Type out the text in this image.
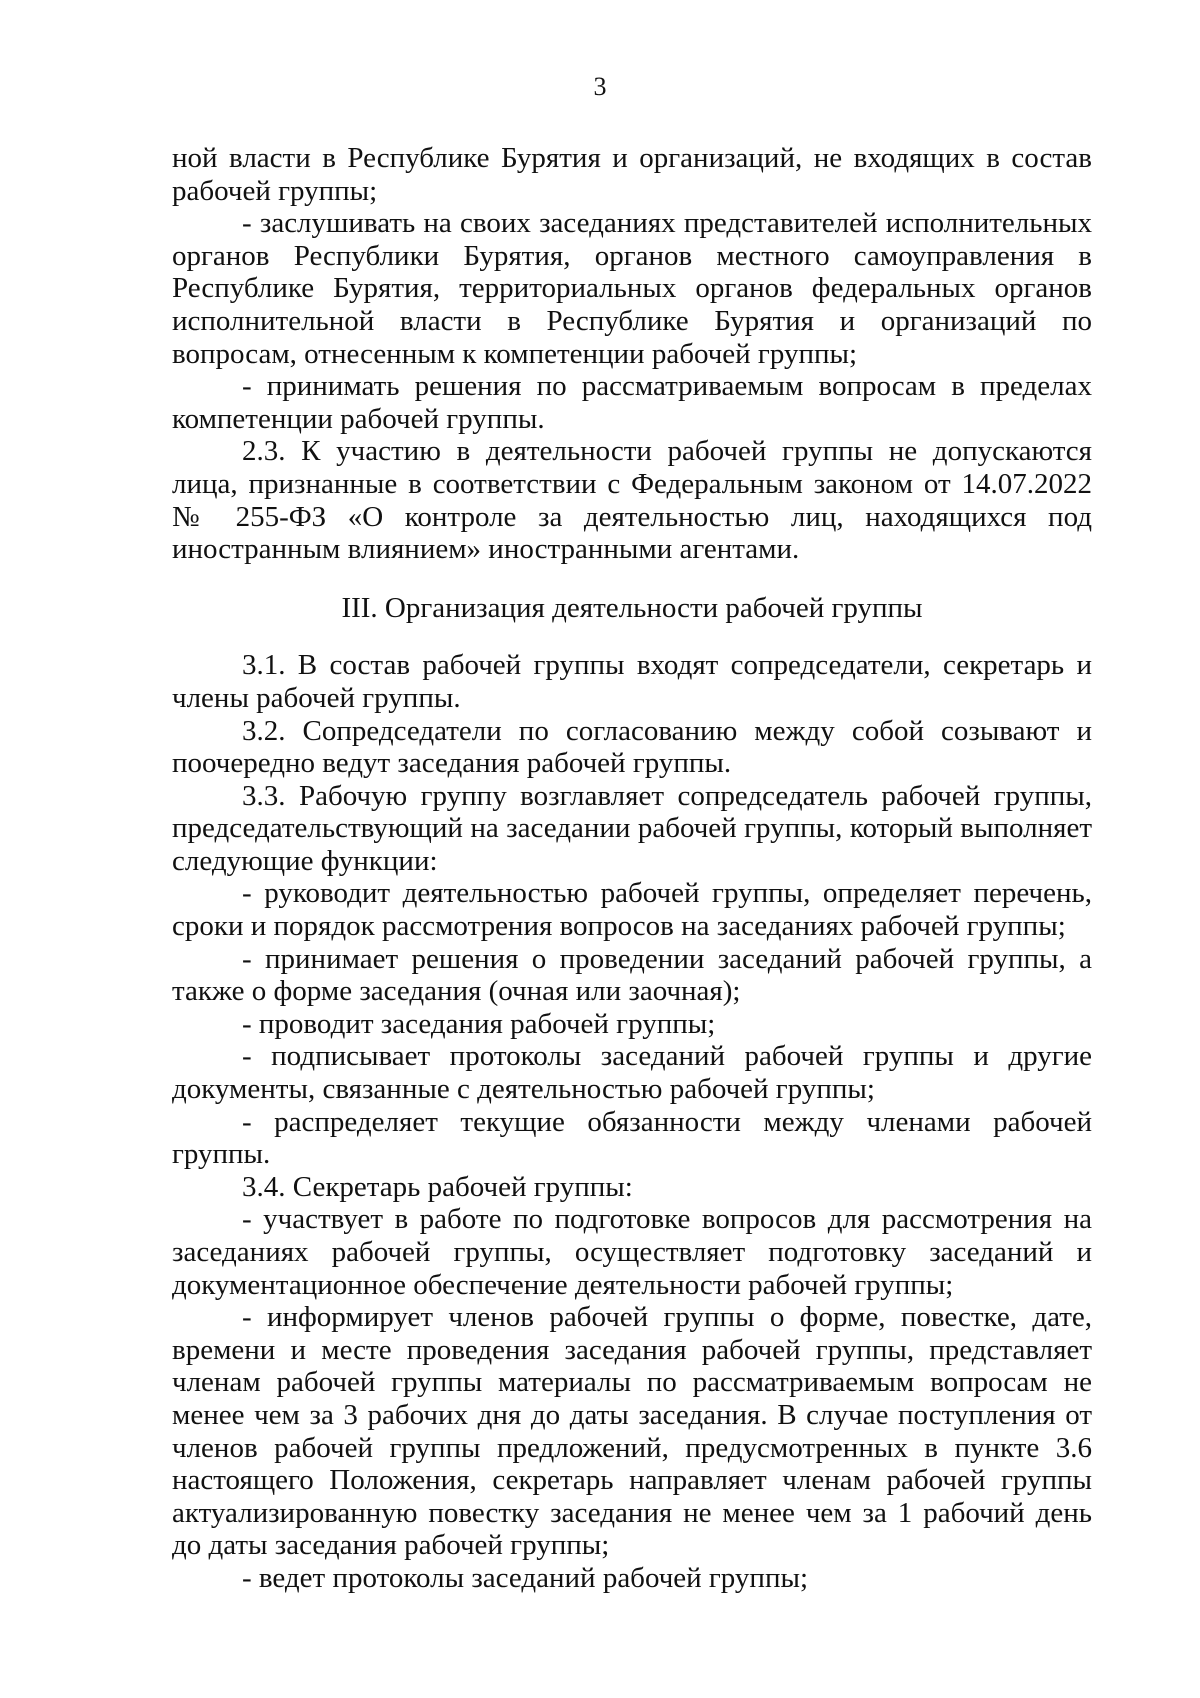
3

ной власти в Республике Бурятия и организаций, не входящих в состав рабочей группы;

- заслушивать на своих заседаниях представителей исполнительных органов Республики Бурятия, органов местного самоуправления в Республике Бурятия, территориальных органов федеральных органов исполнительной власти в Республике Бурятия и организаций по вопросам, отнесенным к компетенции рабочей группы;

- принимать решения по рассматриваемым вопросам в пределах компетенции рабочей группы.

2.3. К участию в деятельности рабочей группы не допускаются лица, признанные в соответствии с Федеральным законом от 14.07.2022 № 255-ФЗ «О контроле за деятельностью лиц, находящихся под иностранным влиянием» иностранными агентами.

III. Организация деятельности рабочей группы

3.1. В состав рабочей группы входят сопредседатели, секретарь и члены рабочей группы.

3.2. Сопредседатели по согласованию между собой созывают и поочередно ведут заседания рабочей группы.

3.3. Рабочую группу возглавляет сопредседатель рабочей группы, председательствующий на заседании рабочей группы, который выполняет следующие функции:

- руководит деятельностью рабочей группы, определяет перечень, сроки и порядок рассмотрения вопросов на заседаниях рабочей группы;

- принимает решения о проведении заседаний рабочей группы, а также о форме заседания (очная или заочная);

- проводит заседания рабочей группы;

- подписывает протоколы заседаний рабочей группы и другие документы, связанные с деятельностью рабочей группы;

- распределяет текущие обязанности между членами рабочей группы.

3.4. Секретарь рабочей группы:

- участвует в работе по подготовке вопросов для рассмотрения на заседаниях рабочей группы, осуществляет подготовку заседаний и документационное обеспечение деятельности рабочей группы;

- информирует членов рабочей группы о форме, повестке, дате, времени и месте проведения заседания рабочей группы, представляет членам рабочей группы материалы по рассматриваемым вопросам не менее чем за 3 рабочих дня до даты заседания. В случае поступления от членов рабочей группы предложений, предусмотренных в пункте 3.6 настоящего Положения, секретарь направляет членам рабочей группы актуализированную повестку заседания не менее чем за 1 рабочий день до даты заседания рабочей группы;

- ведет протоколы заседаний рабочей группы;
